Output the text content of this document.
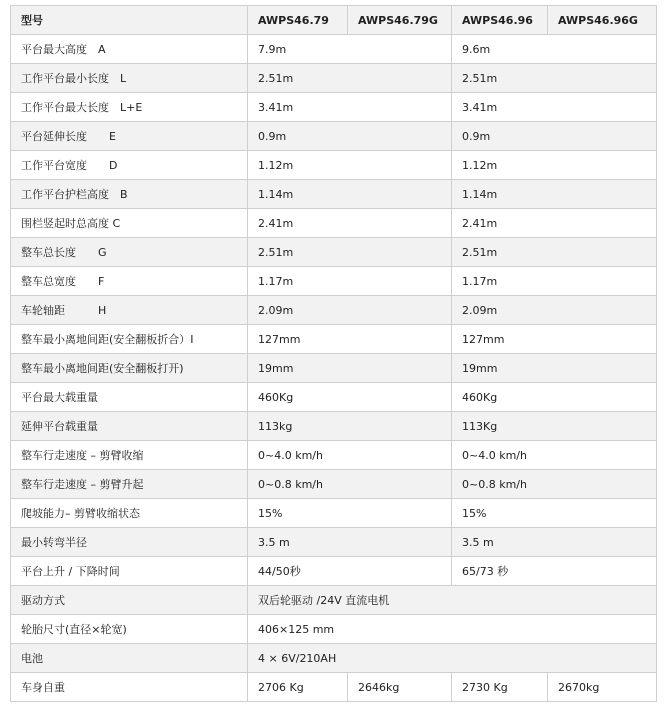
型号	AWPS46.79	AWPS46.79G	AWPS46.96	AWPS46.96G
平台最大高度　A	7.9m		9.6m	
工作平台最小长度　L	2.51m		2.51m	
工作平台最大长度　L+E	3.41m		3.41m	
平台延伸长度　　E	0.9m		0.9m	
工作平台宽度　　D	1.12m		1.12m	
工作平台护栏高度　B	1.14m		1.14m	
围栏竖起时总高度 C	2.41m		2.41m	
整车总长度　　G	2.51m		2.51m	
整车总宽度　　F	1.17m		1.17m	
车轮轴距　　　H	2.09m		2.09m	
整车最小离地间距(安全翻板折合）I	127mm		127mm	
整车最小离地间距(安全翻板打开)	19mm		19mm	
平台最大载重量	460Kg		460Kg	
延伸平台载重量	113kg		113Kg	
整车行走速度 – 剪臂收缩	0~4.0 km/h		0~4.0 km/h	
整车行走速度 – 剪臂升起	0~0.8 km/h		0~0.8 km/h	
爬坡能力– 剪臂收缩状态	15%		15%	
最小转弯半径	3.5 m		3.5 m	
平台上升 / 下降时间	44/50秒		65/73 秒	
驱动方式	双后轮驱动 /24V 直流电机			
轮胎尺寸(直径×轮宽)	406×125 mm			
电池	4 × 6V/210AH			
车身自重	2706 Kg	2646kg	2730 Kg	2670kg
